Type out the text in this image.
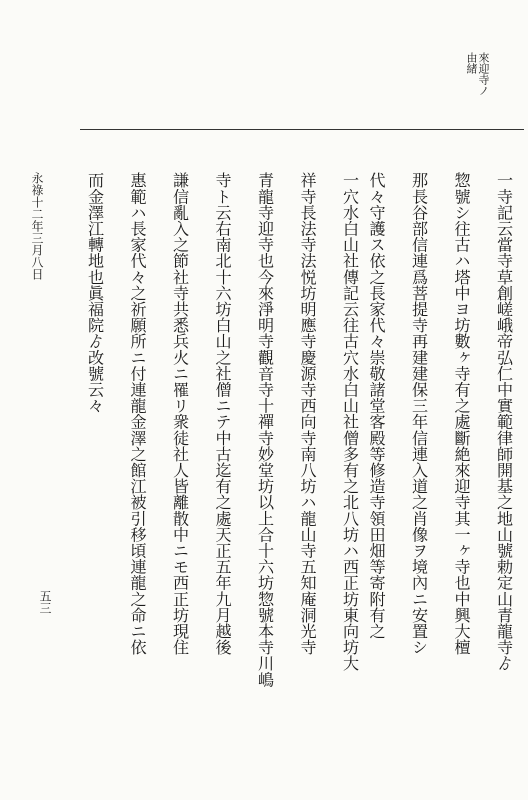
來迎寺ノ
由緒
一寺記云當寺草創嵯峨帝弘仁中實範律師開基之地山號勅定山青龍寺ゟ
惣號シ往古ハ塔中ヨ坊數ヶ寺有之處斷絶來迎寺其一ヶ寺也中興大檀
那長谷部信連爲菩提寺再建建保三年信連入道之肖像ヲ境內ニ安置シ
代々守護ス依之長家代々崇敬諸堂客殿等修造寺領田畑等寄附有之
一穴水白山社傳記云往古穴水白山社僧多有之北八坊ハ西正坊東向坊大
祥寺長法寺法悦坊明應寺慶源寺西向寺南八坊ハ龍山寺五知庵洞光寺
青龍寺迎寺也今來淨明寺觀音寺十禪寺妙堂坊以上合十六坊惣號本寺川嶋
寺ト云右南北十六坊白山之社僧ニテ中古迄有之處天正五年九月越後
謙信亂入之節社寺共悉兵火ニ罹リ衆徒社人皆離散中ニモ西正坊現住
惠範ハ長家代々之祈願所ニ付連龍金澤之館江被引移頃連龍之命ニ依
而金澤江轉地也眞福院ゟ改號云々
永祿十二年三月八日
五三
